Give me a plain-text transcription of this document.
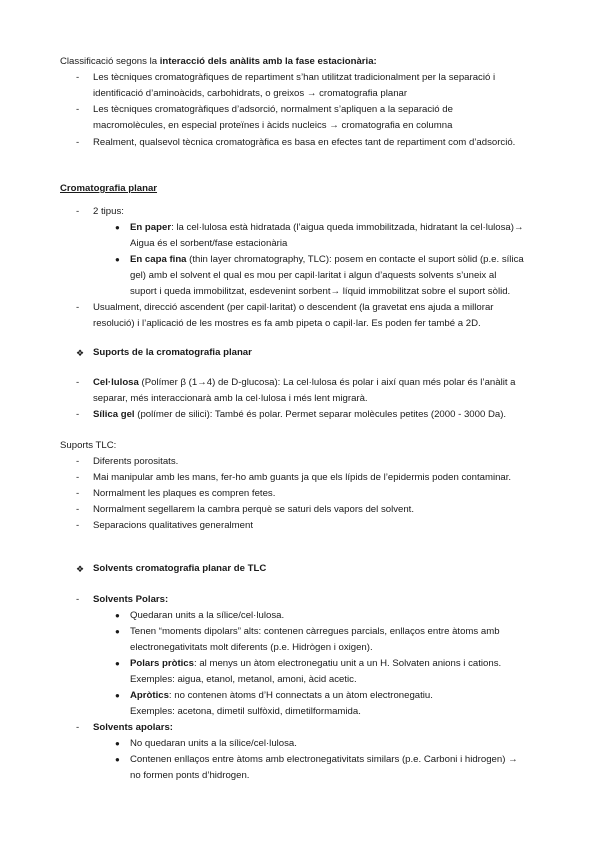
Classificació segons la interacció dels anàlits amb la fase estacionària:
- Les tècniques cromatogràfiques de repartiment s’han utilitzat tradicionalment per la separació i
identificació d’aminoàcids, carbohidrats, o greixos → cromatografia planar
- Les tècniques cromatogràfiques d’adsorció, normalment s’apliquen a la separació de
macromolècules, en especial proteïnes i àcids nucleics → cromatografia en columna
- Realment, qualsevol tècnica cromatogràfica es basa en efectes tant de repartiment com d’adsorció.
Cromatografia planar
- 2 tipus:
● En paper: la cel·lulosa està hidratada (l’aigua queda immobilitzada, hidratant la cel·lulosa)→
Aigua és el sorbent/fase estacionària
● En capa fina (thin layer chromatography, TLC): posem en contacte el suport sòlid (p.e. sílica
gel) amb el solvent el qual es mou per capil·laritat i algun d’aquests solvents s’uneix al
suport i queda immobilitzat, esdevenint sorbent→ líquid immobilitzat sobre el suport sòlid.
- Usualment, direcció ascendent (per capil·laritat) o descendent (la gravetat ens ajuda a millorar
resolució) i l’aplicació de les mostres es fa amb pipeta o capil·lar. Es poden fer també a 2D.
❖ Suports de la cromatografia planar
- Cel·lulosa (Polímer β (1→4) de D-glucosa): La cel·lulosa és polar i així quan més polar és l’anàlit a
separar, més interaccionarà amb la cel·lulosa i més lent migrarà.
- Sílica gel (polímer de silici): També és polar. Permet separar molècules petites (2000 - 3000 Da).
Suports TLC:
- Diferents porositats.
- Mai manipular amb les mans, fer-ho amb guants ja que els lípids de l’epidermis poden contaminar.
- Normalment les plaques es compren fetes.
- Normalment segellarem la cambra perquè se saturi dels vapors del solvent.
- Separacions qualitatives generalment
❖ Solvents cromatografia planar de TLC
- Solvents Polars:
● Quedaran units a la sílice/cel·lulosa.
● Tenen “moments dipolars” alts: contenen càrregues parcials, enllaços entre àtoms amb
electronegativitats molt diferents (p.e. Hidrògen i oxigen).
● Polars pròtics: al menys un àtom electronegatiu unit a un H. Solvaten anions i cations.
Exemples: aigua, etanol, metanol, amoni, àcid acetic.
● Apròtics: no contenen àtoms d’H connectats a un àtom electronegatiu.
Exemples: acetona, dimetil sulfòxid, dimetilformamida.
- Solvents apolars:
● No quedaran units a la sílice/cel·lulosa.
● Contenen enllaços entre àtoms amb electronegativitats similars (p.e. Carboni i hidrogen) →
no formen ponts d’hidrogen.
